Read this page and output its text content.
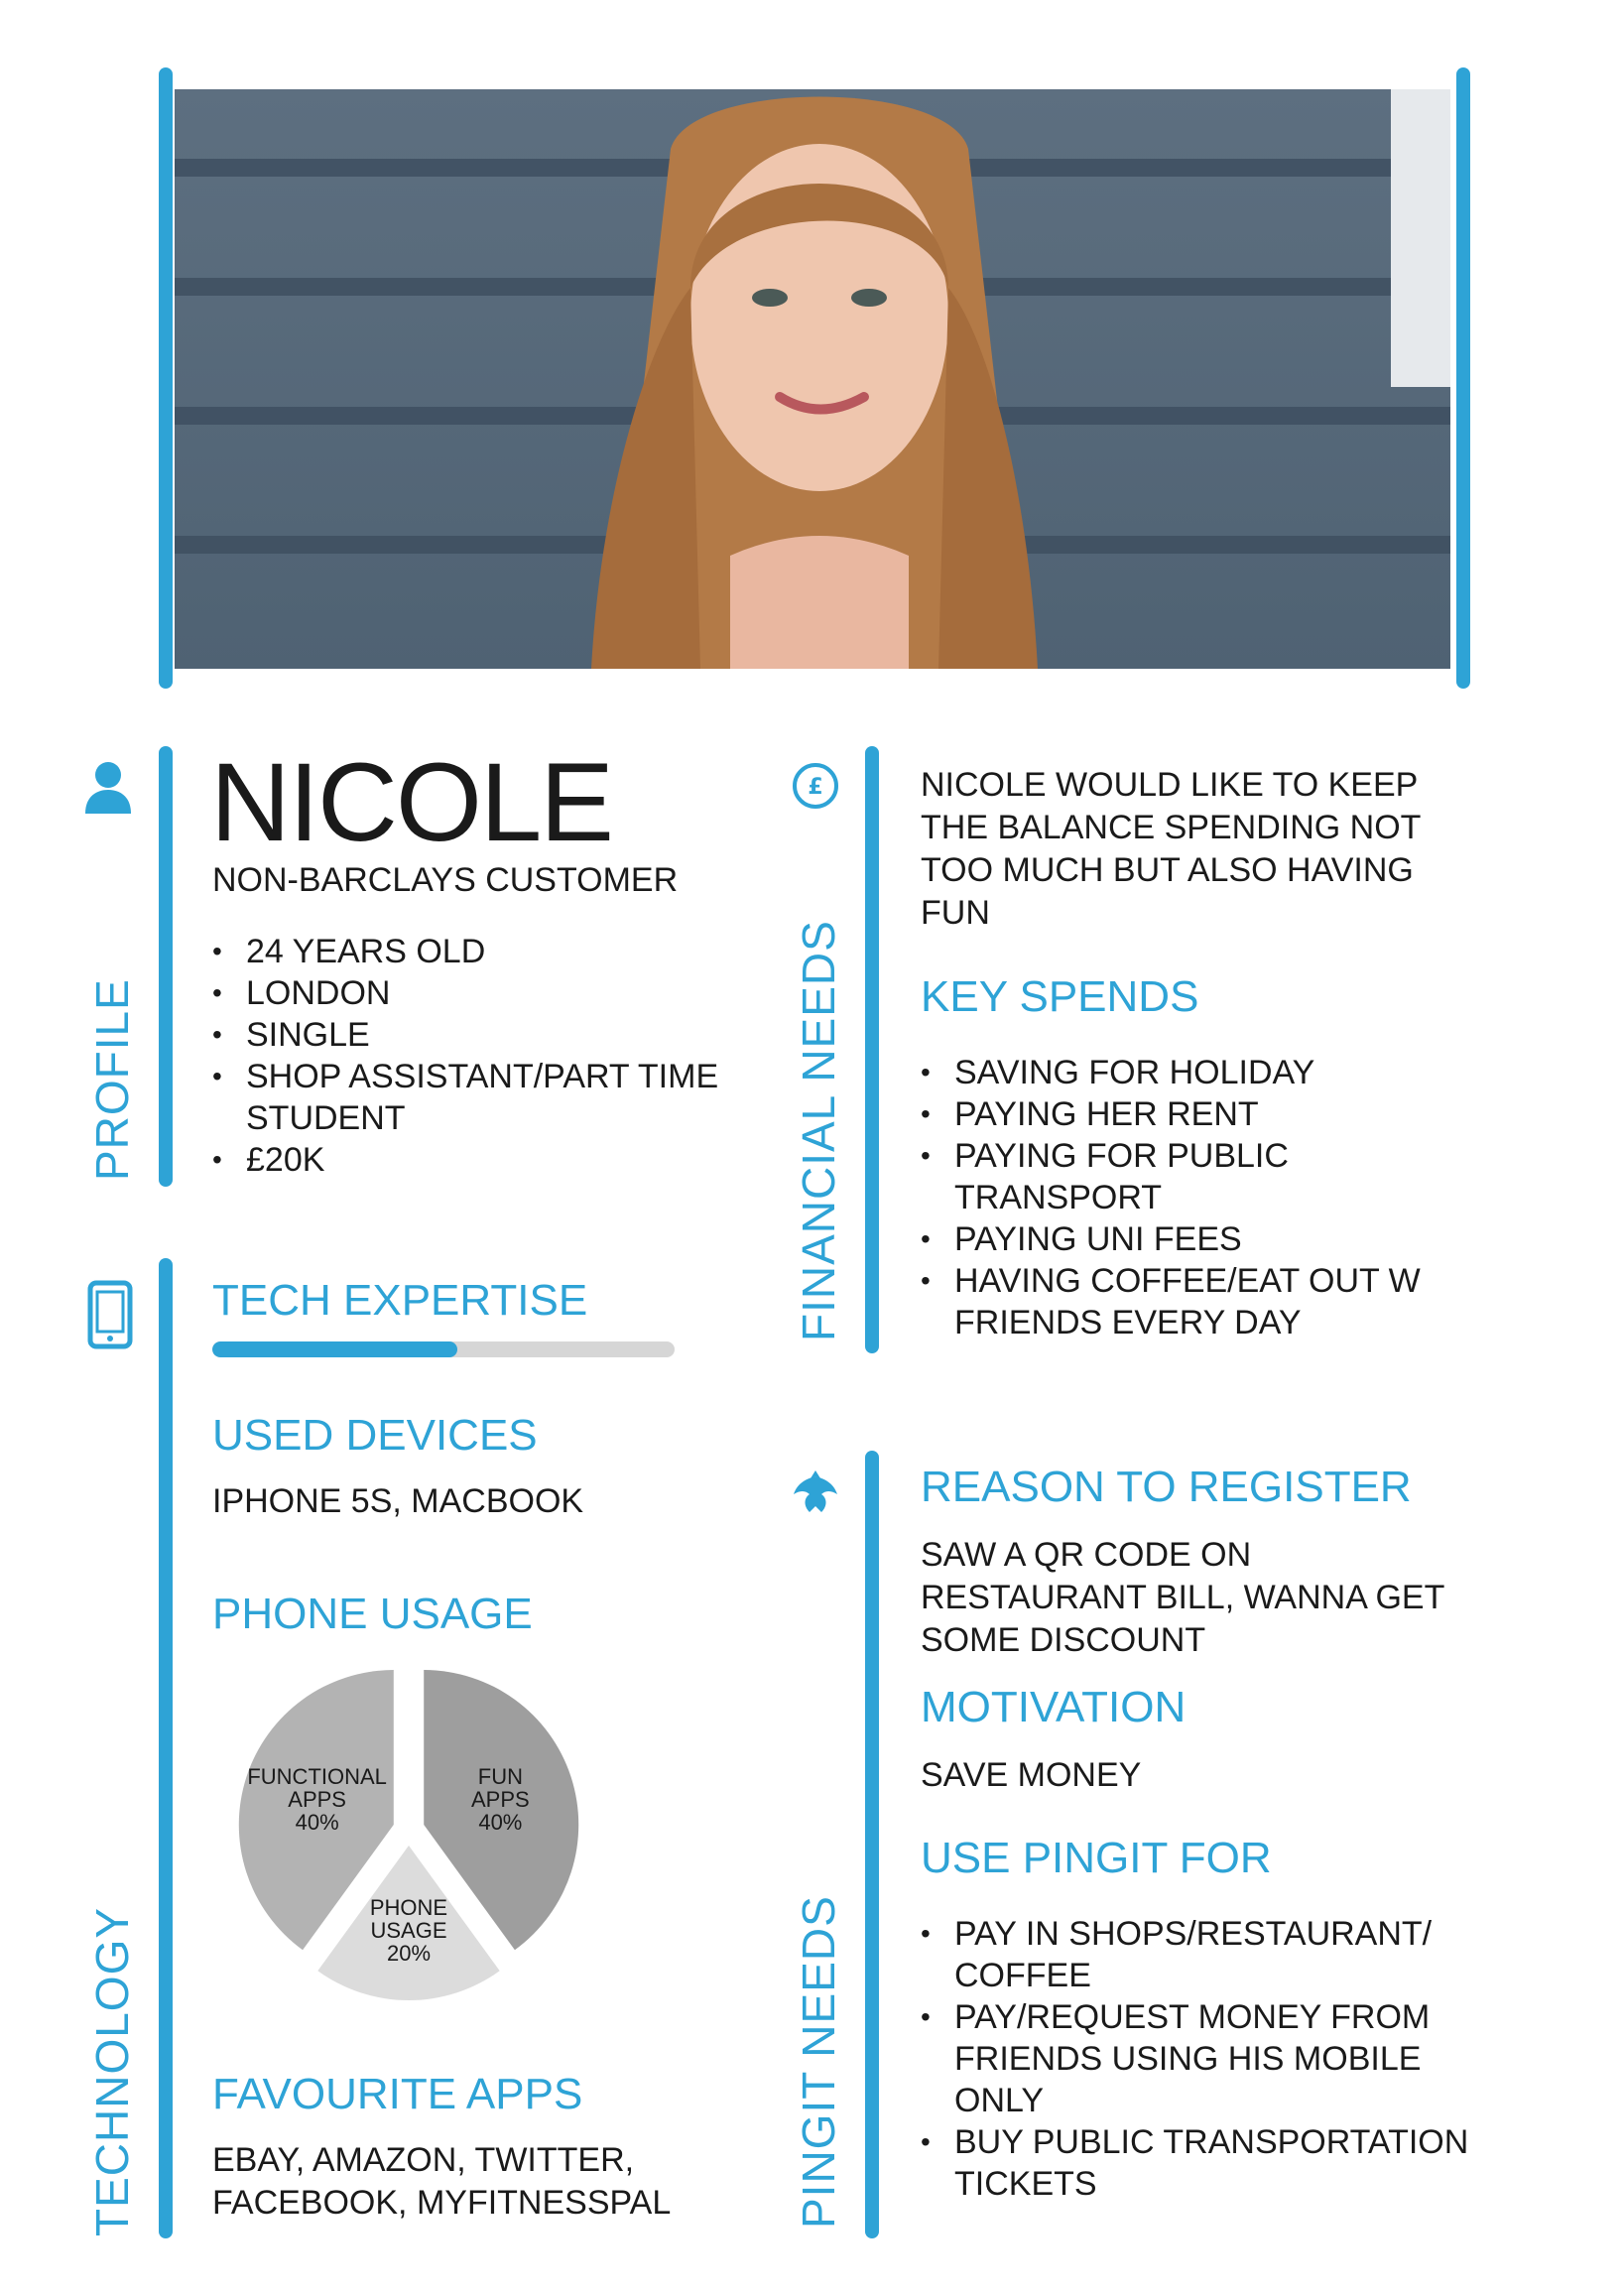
PROFILE
NICOLE
NON-BARCLAYS CUSTOMER
• 24 YEARS OLD
• LONDON
• SINGLE
• SHOP ASSISTANT/PART TIME STUDENT
• £20K
TECHNOLOGY
TECH EXPERTISE
USED DEVICES
IPHONE 5S, MACBOOK
PHONE USAGE
FUN APPS 40%
PHONE USAGE 20%
FUNCTIONAL APPS 40%
FAVOURITE APPS
EBAY, AMAZON, TWITTER, FACEBOOK, MYFITNESSPAL
£
FINANCIAL NEEDS
NICOLE WOULD LIKE TO KEEP THE BALANCE SPENDING NOT TOO MUCH BUT ALSO HAVING FUN
KEY SPENDS
• SAVING FOR HOLIDAY
• PAYING HER RENT
• PAYING FOR PUBLIC TRANSPORT
• PAYING UNI FEES
• HAVING COFFEE/EAT OUT W FRIENDS EVERY DAY
PINGIT NEEDS
REASON TO REGISTER
SAW A QR CODE ON RESTAURANT BILL, WANNA GET SOME DISCOUNT
MOTIVATION
SAVE MONEY
USE PINGIT FOR
• PAY IN SHOPS/RESTAURANT/ COFFEE
• PAY/REQUEST MONEY FROM FRIENDS USING HIS MOBILE ONLY
• BUY PUBLIC TRANSPORTATION TICKETS
